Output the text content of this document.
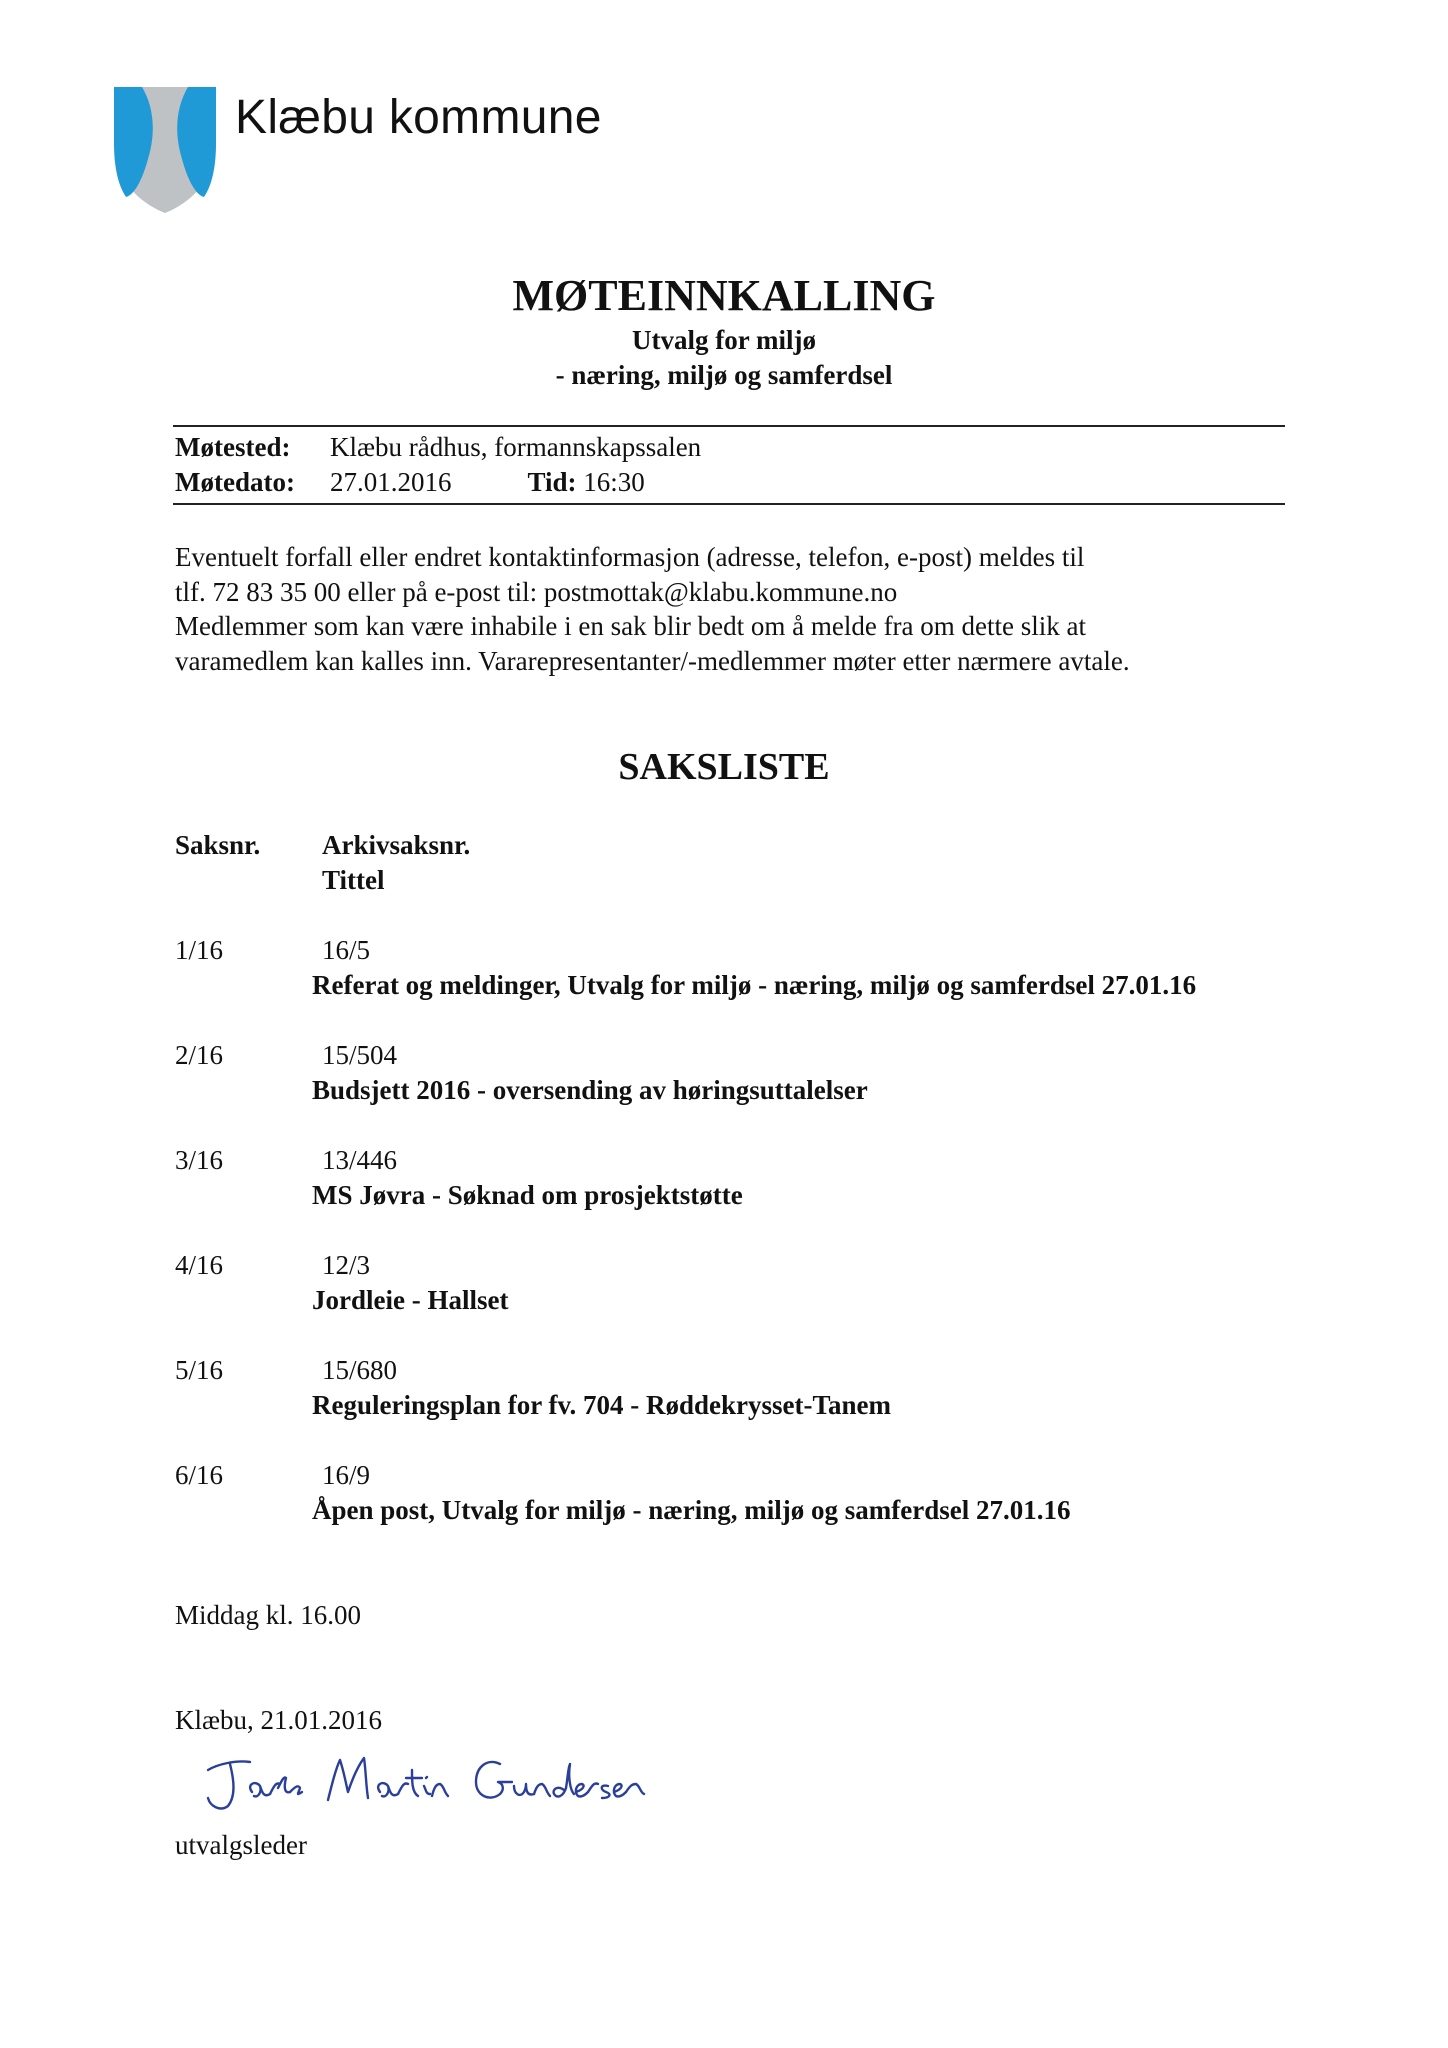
Klæbu kommune
MØTEINNKALLING
Utvalg for miljø
- næring, miljø og samferdsel
Møtested: Klæbu rådhus, formannskapssalen
Møtedato: 27.01.2016	Tid: 16:30
Eventuelt forfall eller endret kontaktinformasjon (adresse, telefon, e-post) meldes til
tlf. 72 83 35 00 eller på e-post til: postmottak@klabu.kommune.no
Medlemmer som kan være inhabile i en sak blir bedt om å melde fra om dette slik at
varamedlem kan kalles inn. Vararepresentanter/-medlemmer møter etter nærmere avtale.
SAKSLISTE
Saksnr. Arkivsaksnr.
Tittel
1/16	16/5
Referat og meldinger, Utvalg for miljø - næring, miljø og samferdsel 27.01.16
2/16	15/504
Budsjett 2016 - oversending av høringsuttalelser
3/16	13/446
MS Jøvra - Søknad om prosjektstøtte
4/16	12/3
Jordleie - Hallset
5/16	15/680
Reguleringsplan for fv. 704 - Røddekrysset-Tanem
6/16	16/9
Åpen post, Utvalg for miljø - næring, miljø og samferdsel 27.01.16
Middag kl. 16.00
Klæbu, 21.01.2016
utvalgsleder
